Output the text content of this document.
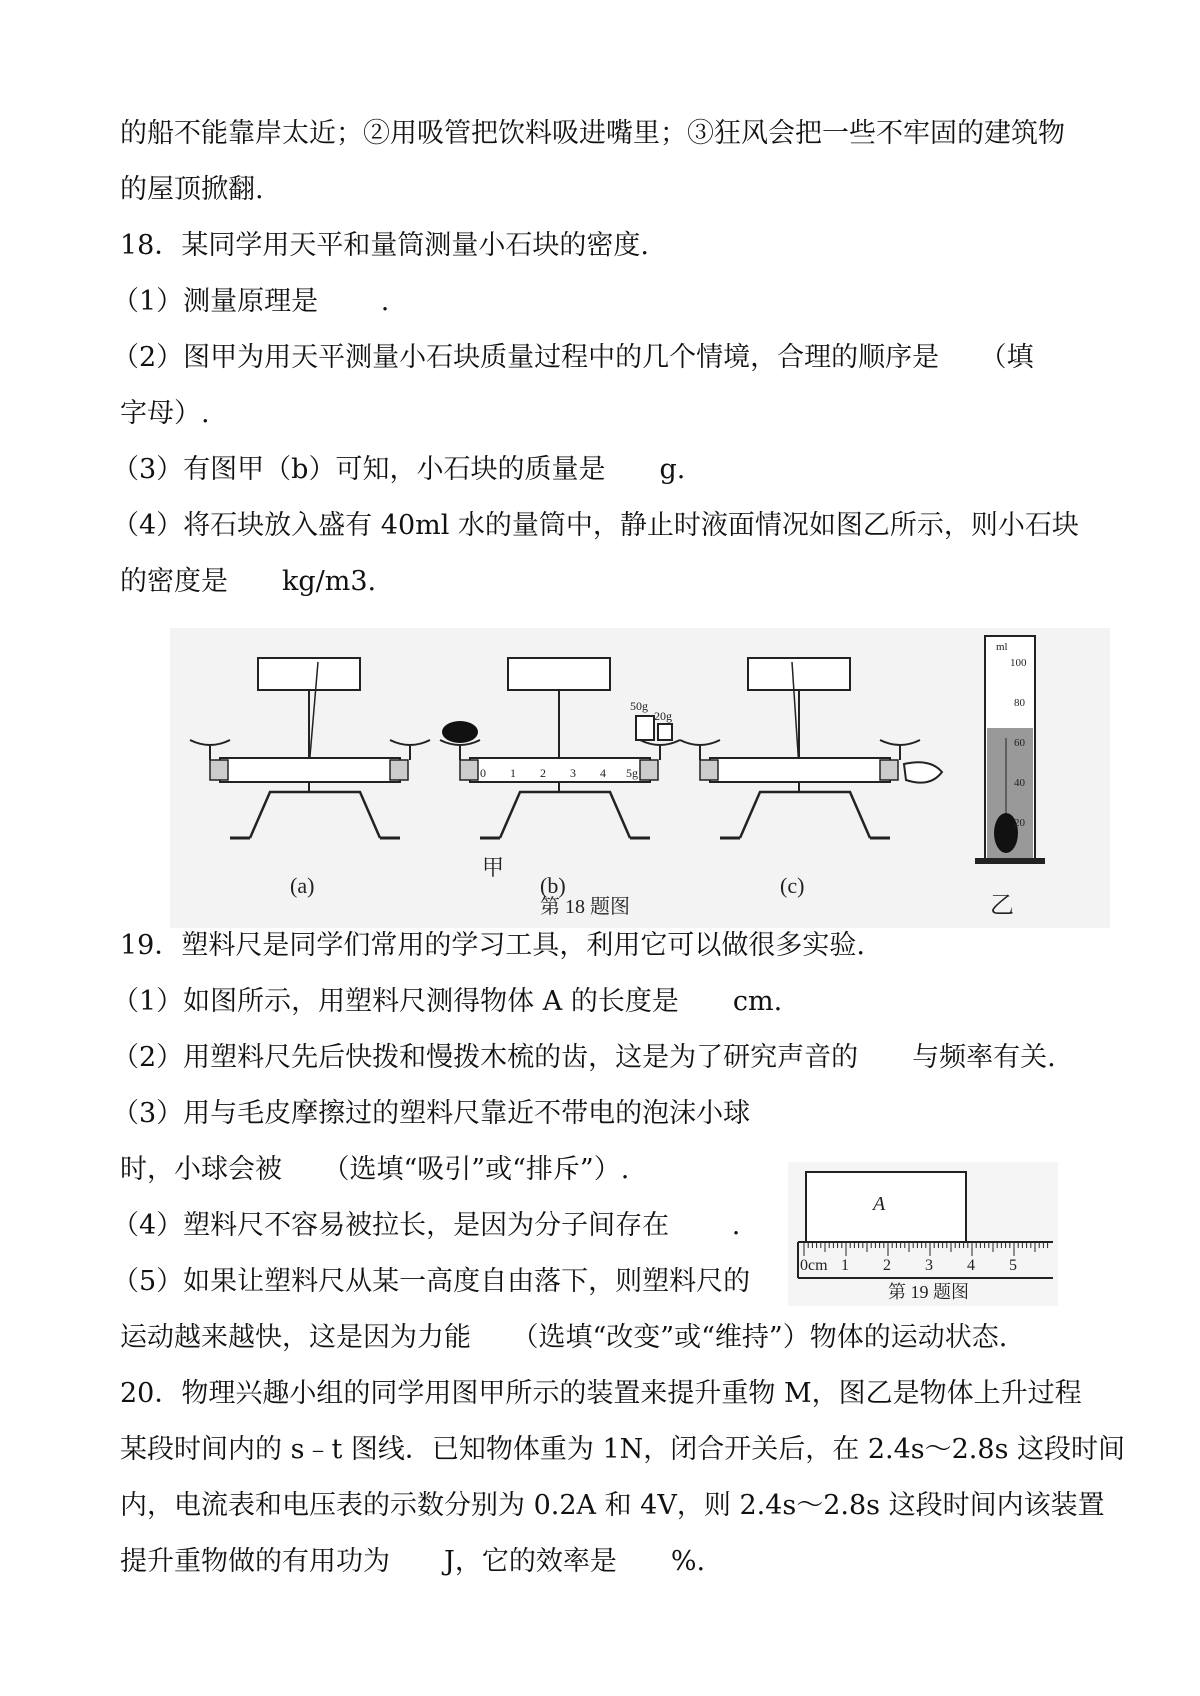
的船不能靠岸太近；②用吸管把饮料吸进嘴里；③狂风会把一些不牢固的建筑物
的屋顶掀翻.
18．某同学用天平和量筒测量小石块的密度.
（1）测量原理是　　 .
（2）图甲为用天平测量小石块质量过程中的几个情境，合理的顺序是　　（填
字母）.
（3）有图甲（b）可知，小石块的质量是　　g.
（4）将石块放入盛有 40ml 水的量筒中，静止时液面情况如图乙所示，则小石块
的密度是　　kg/m3.
19．塑料尺是同学们常用的学习工具，利用它可以做很多实验.
（1）如图所示，用塑料尺测得物体 A 的长度是　　cm.
（2）用塑料尺先后快拨和慢拨木梳的齿，这是为了研究声音的　　与频率有关.
（3）用与毛皮摩擦过的塑料尺靠近不带电的泡沫小球
时，小球会被　　（选填“吸引”或“排斥”）.
（4）塑料尺不容易被拉长，是因为分子间存在　　 .
（5）如果让塑料尺从某一高度自由落下，则塑料尺的
运动越来越快，这是因为力能　　（选填“改变”或“维持”）物体的运动状态.
20．物理兴趣小组的同学用图甲所示的装置来提升重物 M，图乙是物体上升过程
某段时间内的 s﹣t 图线．已知物体重为 1N，闭合开关后，在 2.4s～2.8s 这段时间
内，电流表和电压表的示数分别为 0.2A 和 4V，则 2.4s～2.8s 这段时间内该装置
提升重物做的有用功为　　J，它的效率是　　%.
(a)
50g
20g
0 1 2 3 4 5g
(b)	(c)
ml
100
80
60
40
20
甲
第 18 题图	乙
A
0cm 1 2 3 4 5
第 19 题图
